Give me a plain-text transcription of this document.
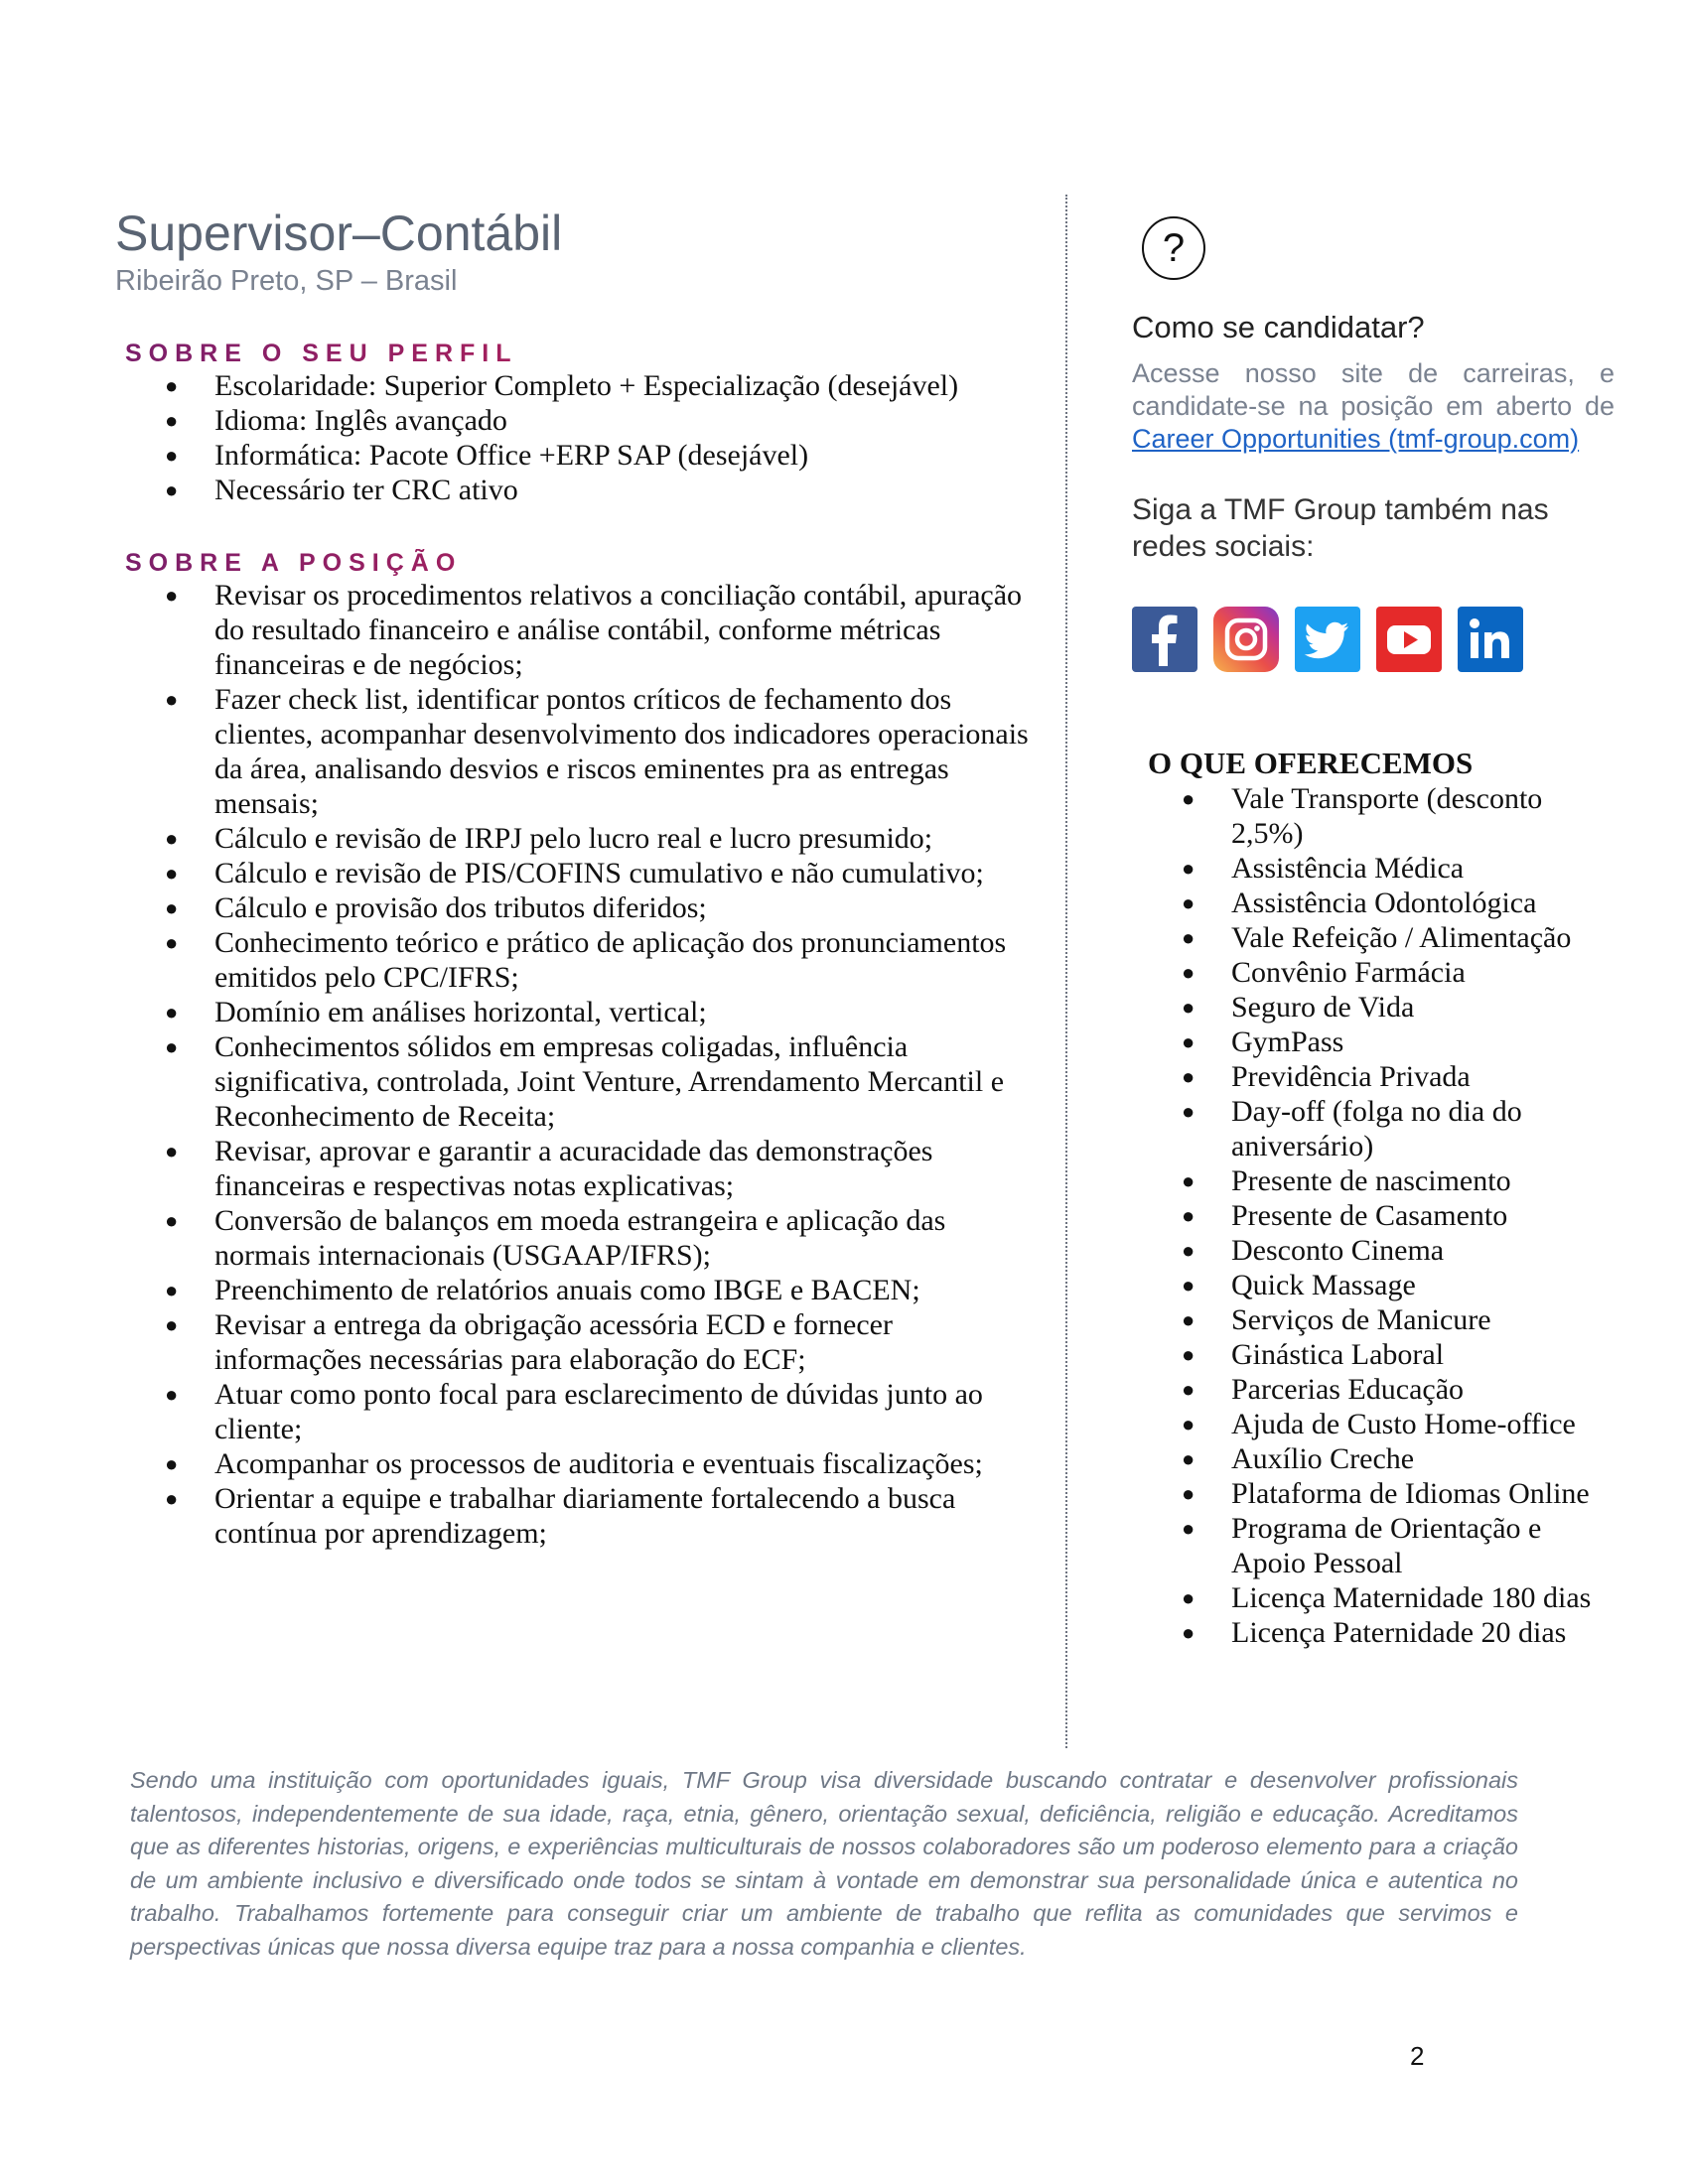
Supervisor–Contábil
Ribeirão Preto, SP – Brasil
SOBRE O SEU PERFIL
● Escolaridade: Superior Completo + Especialização (desejável)
● Idioma: Inglês avançado
● Informática: Pacote Office +ERP SAP (desejável)
● Necessário ter CRC ativo
SOBRE A POSIÇÃO
● Revisar os procedimentos relativos a conciliação contábil, apuração do resultado financeiro e análise contábil, conforme métricas financeiras e de negócios;
● Fazer check list, identificar pontos críticos de fechamento dos clientes, acompanhar desenvolvimento dos indicadores operacionais da área, analisando desvios e riscos eminentes pra as entregas mensais;
● Cálculo e revisão de IRPJ pelo lucro real e lucro presumido;
● Cálculo e revisão de PIS/COFINS cumulativo e não cumulativo;
● Cálculo e provisão dos tributos diferidos;
● Conhecimento teórico e prático de aplicação dos pronunciamentos emitidos pelo CPC/IFRS;
● Domínio em análises horizontal, vertical;
● Conhecimentos sólidos em empresas coligadas, influência significativa, controlada, Joint Venture, Arrendamento Mercantil e Reconhecimento de Receita;
● Revisar, aprovar e garantir a acuracidade das demonstrações financeiras e respectivas notas explicativas;
● Conversão de balanços em moeda estrangeira e aplicação das normais internacionais (USGAAP/IFRS);
● Preenchimento de relatórios anuais como IBGE e BACEN;
● Revisar a entrega da obrigação acessória ECD e fornecer informações necessárias para elaboração do ECF;
● Atuar como ponto focal para esclarecimento de dúvidas junto ao cliente;
● Acompanhar os processos de auditoria e eventuais fiscalizações;
● Orientar a equipe e trabalhar diariamente fortalecendo a busca contínua por aprendizagem;
?
Como se candidatar?
Acesse nosso site de carreiras, e candidate-se na posição em aberto de Career Opportunities (tmf-group.com)
Siga a TMF Group também nas redes sociais:
O QUE OFERECEMOS
● Vale Transporte (desconto 2,5%)
● Assistência Médica
● Assistência Odontológica
● Vale Refeição / Alimentação
● Convênio Farmácia
● Seguro de Vida
● GymPass
● Previdência Privada
● Day-off (folga no dia do aniversário)
● Presente de nascimento
● Presente de Casamento
● Desconto Cinema
● Quick Massage
● Serviços de Manicure
● Ginástica Laboral
● Parcerias Educação
● Ajuda de Custo Home-office
● Auxílio Creche
● Plataforma de Idiomas Online
● Programa de Orientação e Apoio Pessoal
● Licença Maternidade 180 dias
● Licença Paternidade 20 dias
Sendo uma instituição com oportunidades iguais, TMF Group visa diversidade buscando contratar e desenvolver profissionais talentosos, independentemente de sua idade, raça, etnia, gênero, orientação sexual, deficiência, religião e educação. Acreditamos que as diferentes historias, origens, e experiências multiculturais de nossos colaboradores são um poderoso elemento para a criação de um ambiente inclusivo e diversificado onde todos se sintam à vontade em demonstrar sua personalidade única e autentica no trabalho. Trabalhamos fortemente para conseguir criar um ambiente de trabalho que reflita as comunidades que servimos e perspectivas únicas que nossa diversa equipe traz para a nossa companhia e clientes.
2
